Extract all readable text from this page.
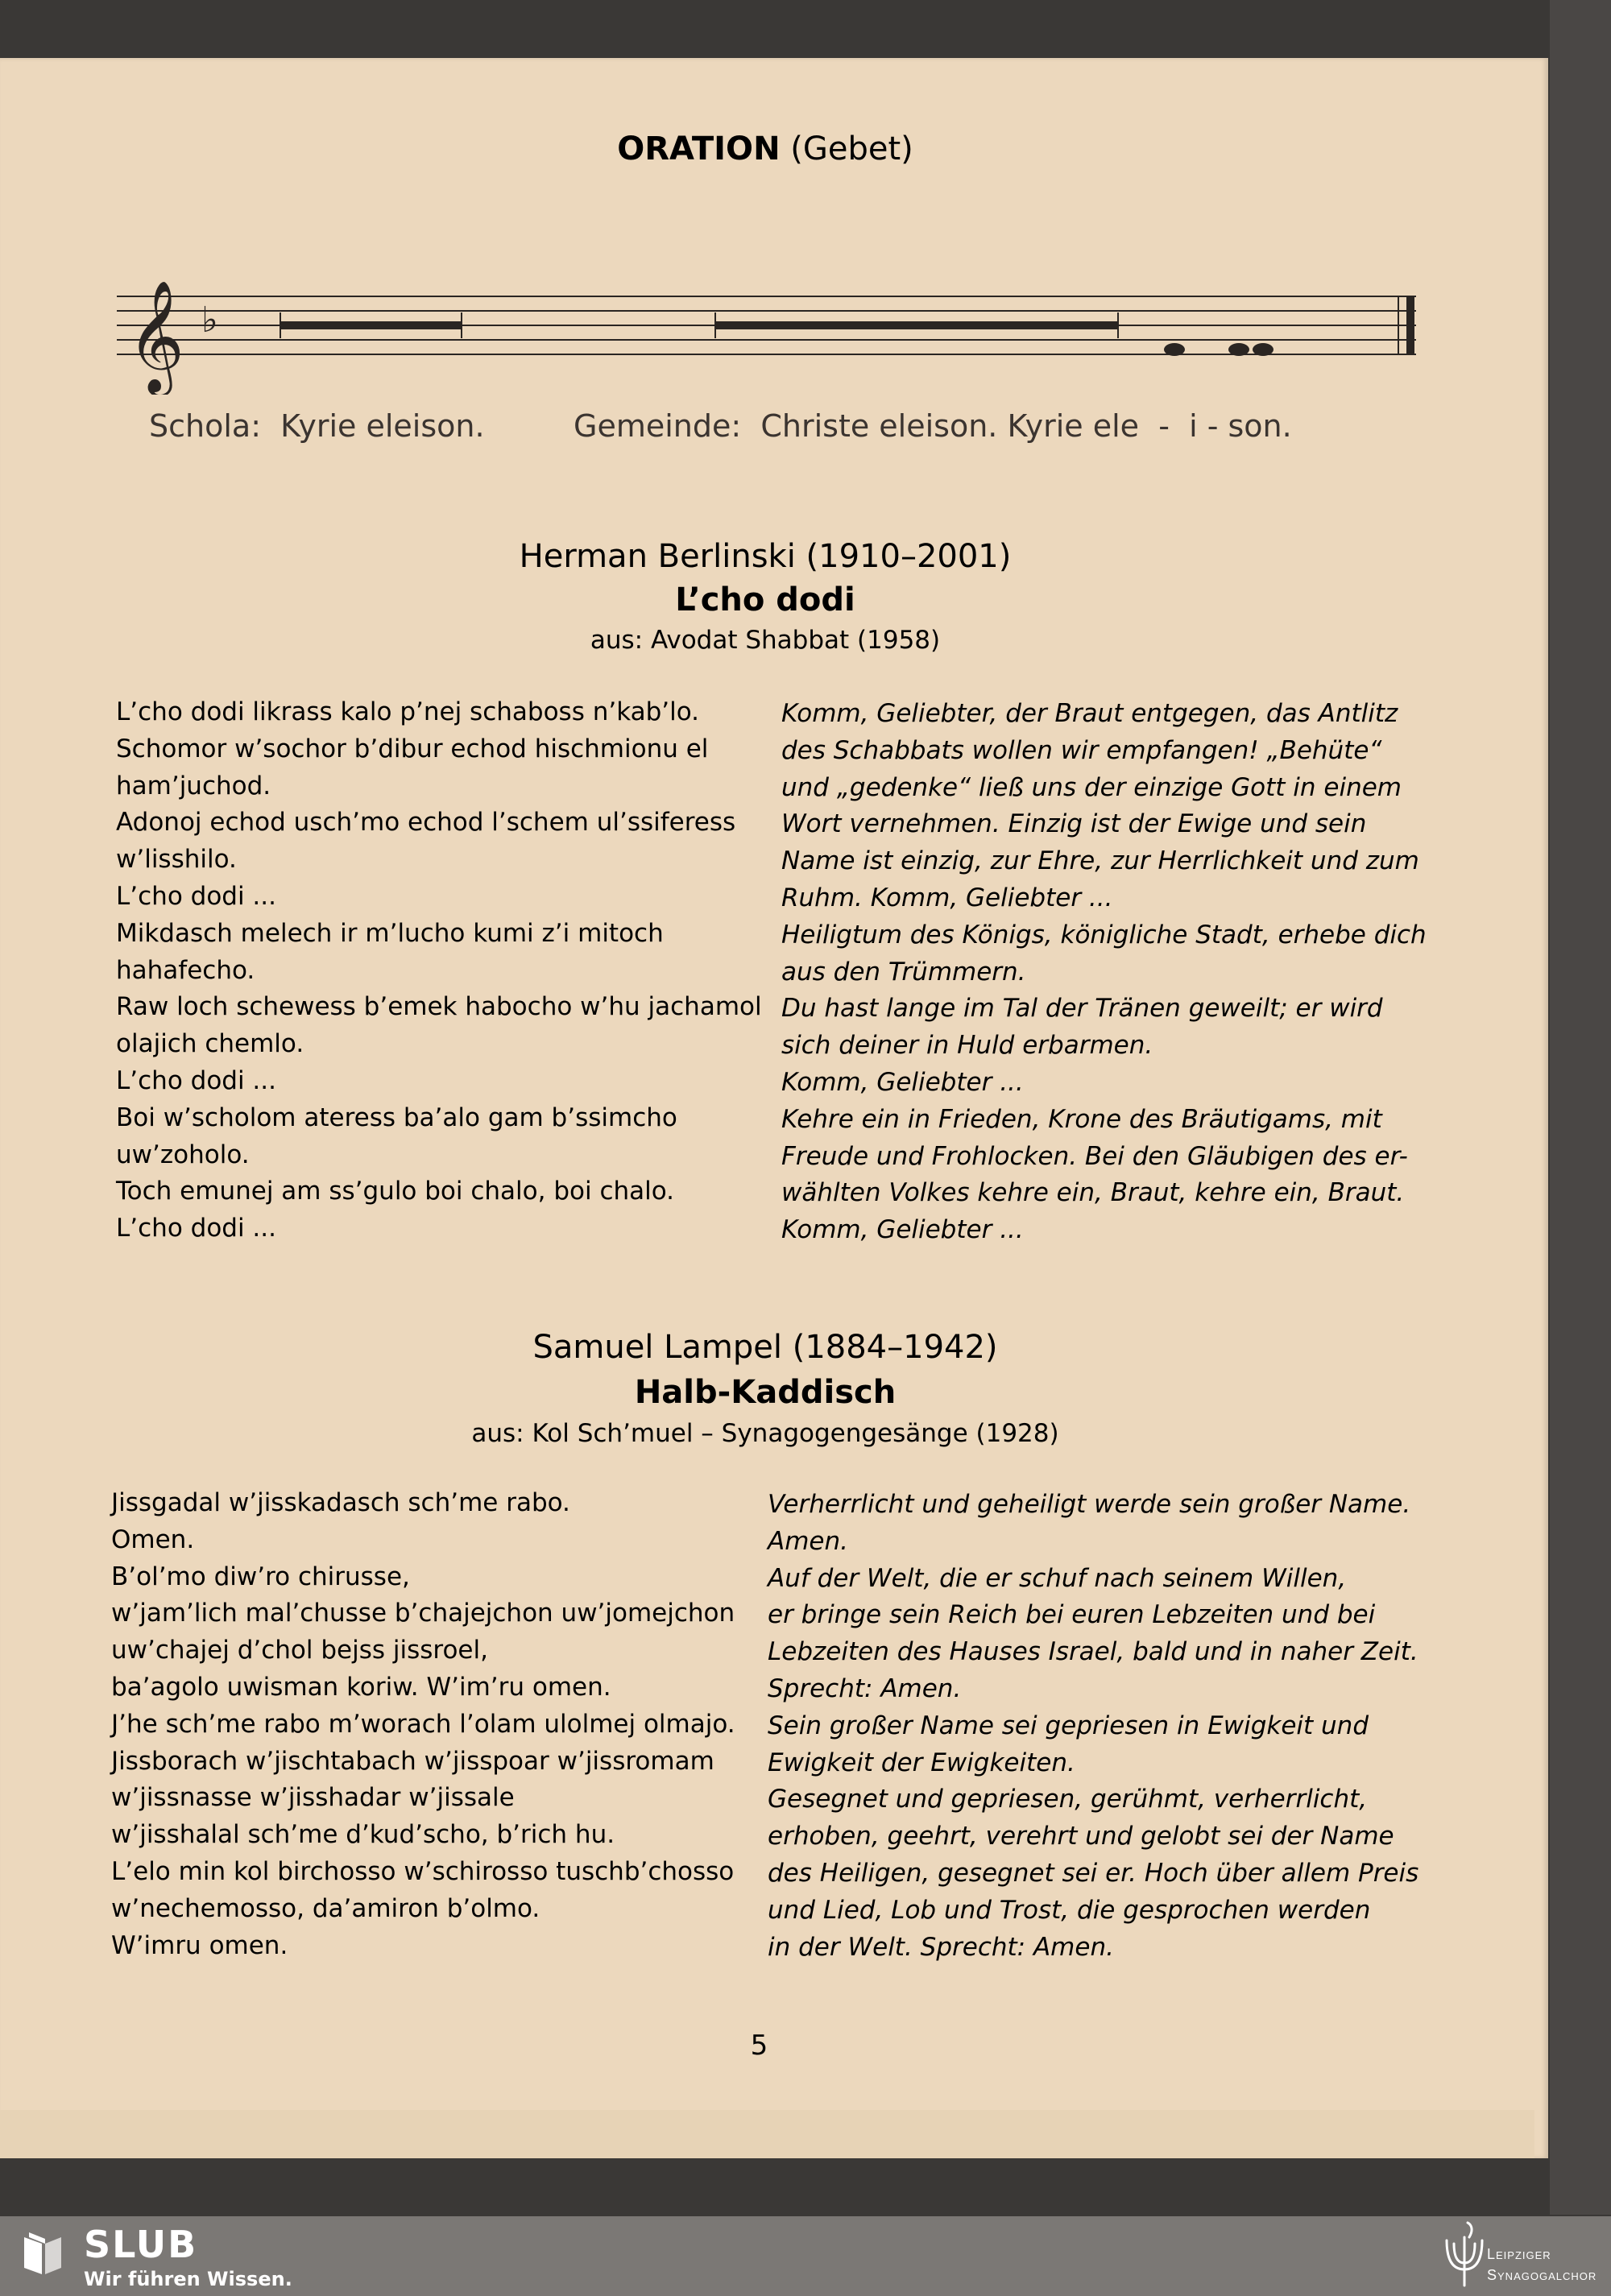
ORATION (Gebet)
𝄞 ♭
Schola: Kyrie eleison.	Gemeinde: Christe eleison. Kyrie ele  -  i - son.
Herman Berlinski (1910–2001)
L’cho dodi
aus: Avodat Shabbat (1958)
L’cho dodi likrass kalo p’nej schaboss n’kab’lo.
Schomor w’sochor b’dibur echod hischmionu el
ham’juchod.
Adonoj echod usch’mo echod l’schem ul’ssiferess
w’lisshilo.
L’cho dodi ...
Mikdasch melech ir m’lucho kumi z’i mitoch
hahafecho.
Raw loch schewess b’emek habocho w’hu jachamol
olajich chemlo.
L’cho dodi ...
Boi w’scholom ateress ba’alo gam b’ssimcho
uw’zoholo.
Toch emunej am ss’gulo boi chalo, boi chalo.
L’cho dodi ...
Komm, Geliebter, der Braut entgegen, das Antlitz
des Schabbats wollen wir empfangen! „Behüte“
und „gedenke“ ließ uns der einzige Gott in einem
Wort vernehmen. Einzig ist der Ewige und sein
Name ist einzig, zur Ehre, zur Herrlichkeit und zum
Ruhm. Komm, Geliebter ...
Heiligtum des Königs, königliche Stadt, erhebe dich
aus den Trümmern.
Du hast lange im Tal der Tränen geweilt; er wird
sich deiner in Huld erbarmen.
Komm, Geliebter ...
Kehre ein in Frieden, Krone des Bräutigams, mit
Freude und Frohlocken. Bei den Gläubigen des er-
wählten Volkes kehre ein, Braut, kehre ein, Braut.
Komm, Geliebter ...
Samuel Lampel (1884–1942)
Halb-Kaddisch
aus: Kol Sch’muel – Synagogengesänge (1928)
Jissgadal w’jisskadasch sch’me rabo.
Omen.
B’ol’mo diw’ro chirusse,
w’jam’lich mal’chusse b’chajejchon uw’jomejchon
uw’chajej d’chol bejss jissroel,
ba’agolo uwisman koriw. W’im’ru omen.
J’he sch’me rabo m’worach l’olam ulolmej olmajo.
Jissborach w’jischtabach w’jisspoar w’jissromam
w’jissnasse w’jisshadar w’jissale
w’jisshalal sch’me d’kud’scho, b’rich hu.
L’elo min kol birchosso w’schirosso tuschb’chosso
w’nechemosso, da’amiron b’olmo.
W’imru omen.
Verherrlicht und geheiligt werde sein großer Name.
Amen.
Auf der Welt, die er schuf nach seinem Willen,
er bringe sein Reich bei euren Lebzeiten und bei
Lebzeiten des Hauses Israel, bald und in naher Zeit.
Sprecht: Amen.
Sein großer Name sei gepriesen in Ewigkeit und
Ewigkeit der Ewigkeiten.
Gesegnet und gepriesen, gerühmt, verherrlicht,
erhoben, geehrt, verehrt und gelobt sei der Name
des Heiligen, gesegnet sei er. Hoch über allem Preis
und Lied, Lob und Trost, die gesprochen werden
in der Welt. Sprecht: Amen.
5
SLUB
Wir führen Wissen.
Leipziger
Synagogalchor
